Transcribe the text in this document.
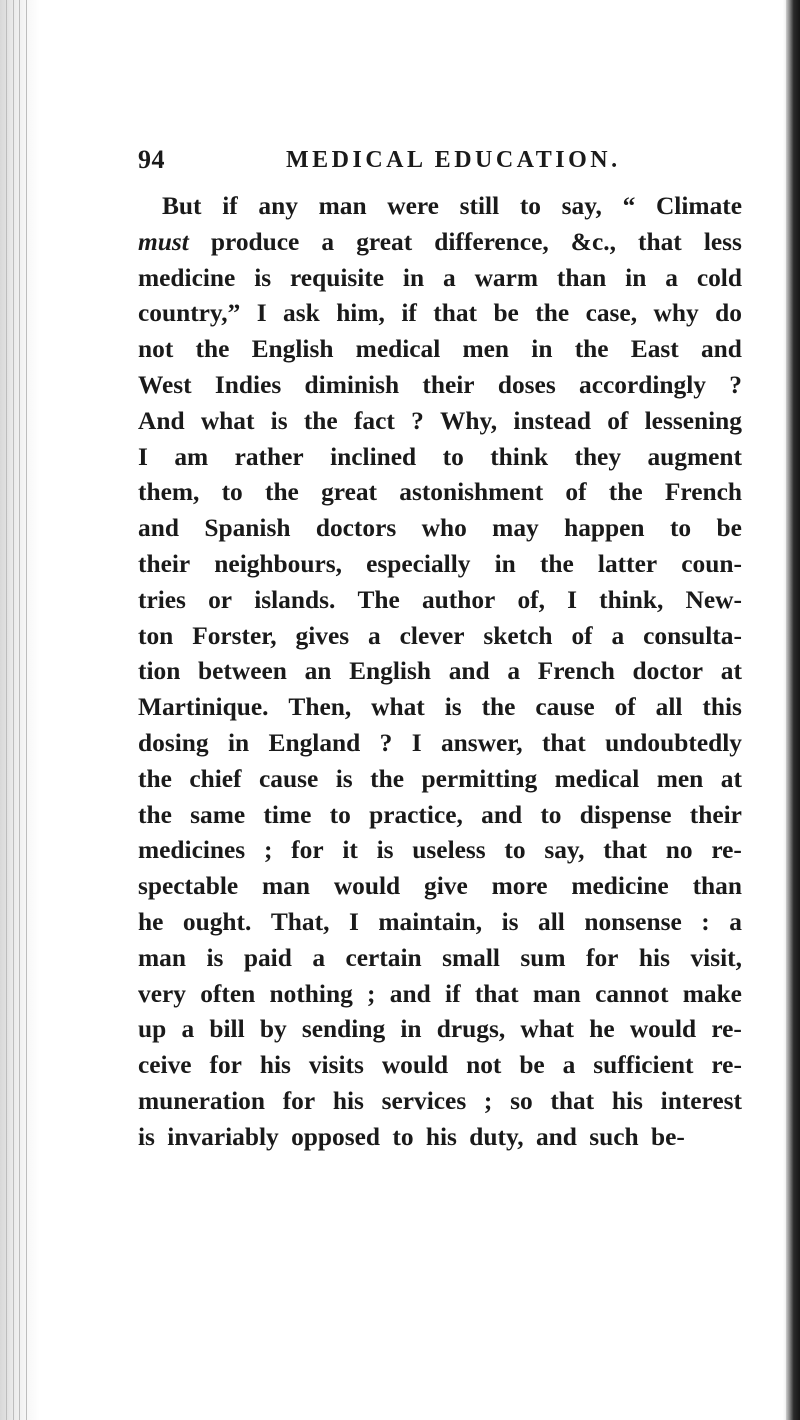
94	MEDICAL EDUCATION.
But if any man were still to say, “ Climate
must produce a great difference, &c., that less
medicine is requisite in a warm than in a cold
country,” I ask him, if that be the case, why do
not the English medical men in the East and
West Indies diminish their doses accordingly ?
And what is the fact ? Why, instead of lessening
I am rather inclined to think they augment
them, to the great astonishment of the French
and Spanish doctors who may happen to be
their neighbours, especially in the latter coun-
tries or islands. The author of, I think, New-
ton Forster, gives a clever sketch of a consulta-
tion between an English and a French doctor at
Martinique. Then, what is the cause of all this
dosing in England ? I answer, that undoubtedly
the chief cause is the permitting medical men at
the same time to practice, and to dispense their
medicines ; for it is useless to say, that no re-
spectable man would give more medicine than
he ought. That, I maintain, is all nonsense : a
man is paid a certain small sum for his visit,
very often nothing ; and if that man cannot make
up a bill by sending in drugs, what he would re-
ceive for his visits would not be a sufficient re-
muneration for his services ; so that his interest
is invariably opposed to his duty, and such be-
